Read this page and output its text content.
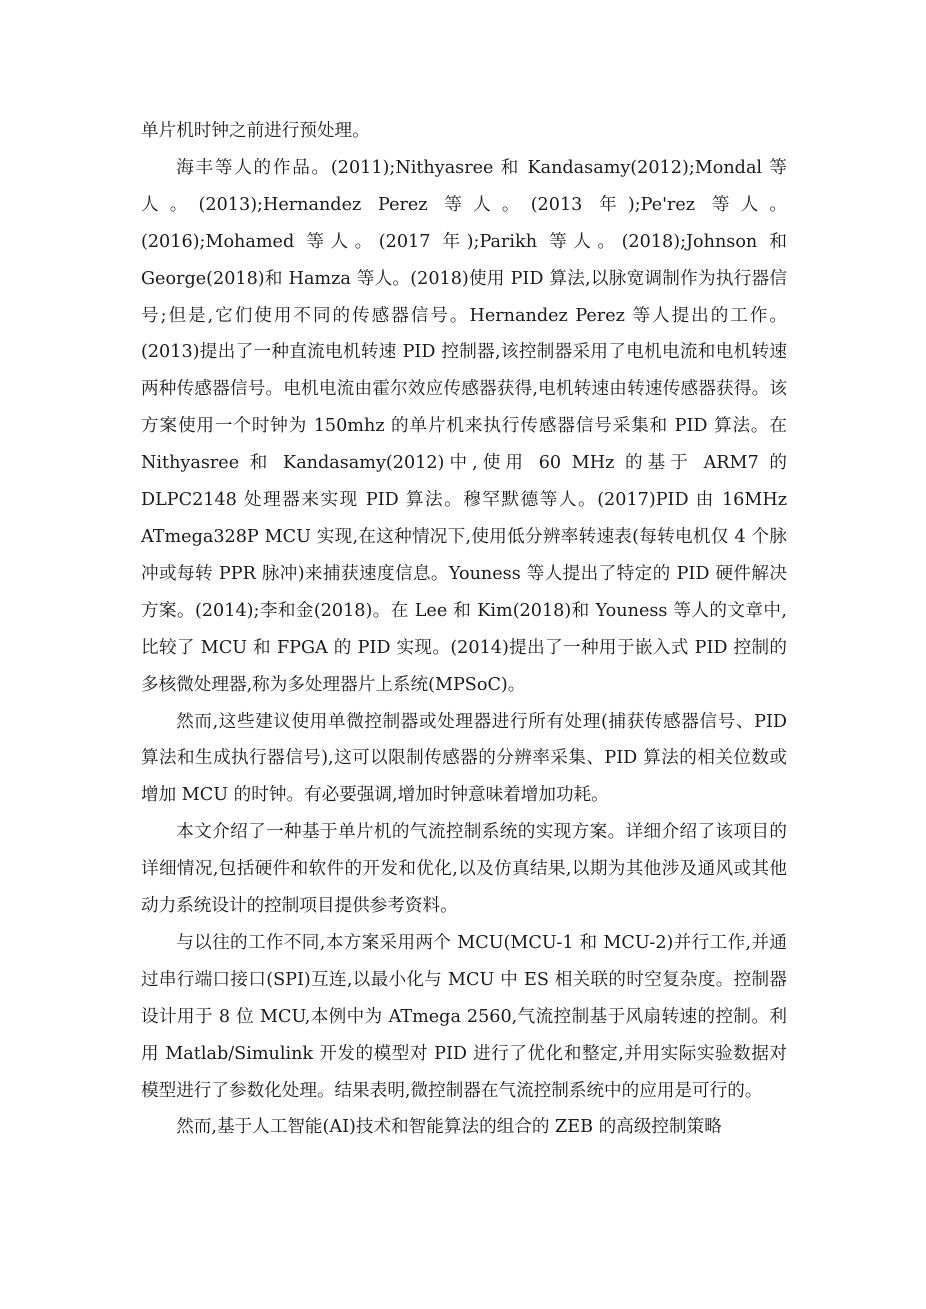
单片机时钟之前进行预处理。

海丰等人的作品。(2011);Nithyasree 和 Kandasamy(2012);Mondal 等人。(2013);Hernandez Perez 等人。(2013 年);Pe'rez 等人。(2016);Mohamed 等人。(2017 年);Parikh 等人。(2018);Johnson 和 George(2018)和 Hamza 等人。(2018)使用 PID 算法,以脉宽调制作为执行器信号;但是,它们使用不同的传感器信号。Hernandez Perez 等人提出的工作。(2013)提出了一种直流电机转速 PID 控制器,该控制器采用了电机电流和电机转速两种传感器信号。电机电流由霍尔效应传感器获得,电机转速由转速传感器获得。该方案使用一个时钟为 150mhz 的单片机来执行传感器信号采集和 PID 算法。在 Nithyasree 和 Kandasamy(2012)中,使用 60 MHz 的基于 ARM7 的 DLPC2148 处理器来实现 PID 算法。穆罕默德等人。(2017)PID 由 16MHz ATmega328P MCU 实现,在这种情况下,使用低分辨率转速表(每转电机仅 4 个脉冲或每转 PPR 脉冲)来捕获速度信息。Youness 等人提出了特定的 PID 硬件解决方案。(2014);李和金(2018)。在 Lee 和 Kim(2018)和 Youness 等人的文章中,比较了 MCU 和 FPGA 的 PID 实现。(2014)提出了一种用于嵌入式 PID 控制的多核微处理器,称为多处理器片上系统(MPSoC)。

然而,这些建议使用单微控制器或处理器进行所有处理(捕获传感器信号、PID 算法和生成执行器信号),这可以限制传感器的分辨率采集、PID 算法的相关位数或增加 MCU 的时钟。有必要强调,增加时钟意味着增加功耗。

本文介绍了一种基于单片机的气流控制系统的实现方案。详细介绍了该项目的详细情况,包括硬件和软件的开发和优化,以及仿真结果,以期为其他涉及通风或其他动力系统设计的控制项目提供参考资料。

与以往的工作不同,本方案采用两个 MCU(MCU-1 和 MCU-2)并行工作,并通过串行端口接口(SPI)互连,以最小化与 MCU 中 ES 相关联的时空复杂度。控制器设计用于 8 位 MCU,本例中为 ATmega 2560,气流控制基于风扇转速的控制。利用 Matlab/Simulink 开发的模型对 PID 进行了优化和整定,并用实际实验数据对模型进行了参数化处理。结果表明,微控制器在气流控制系统中的应用是可行的。

然而,基于人工智能(AI)技术和智能算法的组合的 ZEB 的高级控制策略
